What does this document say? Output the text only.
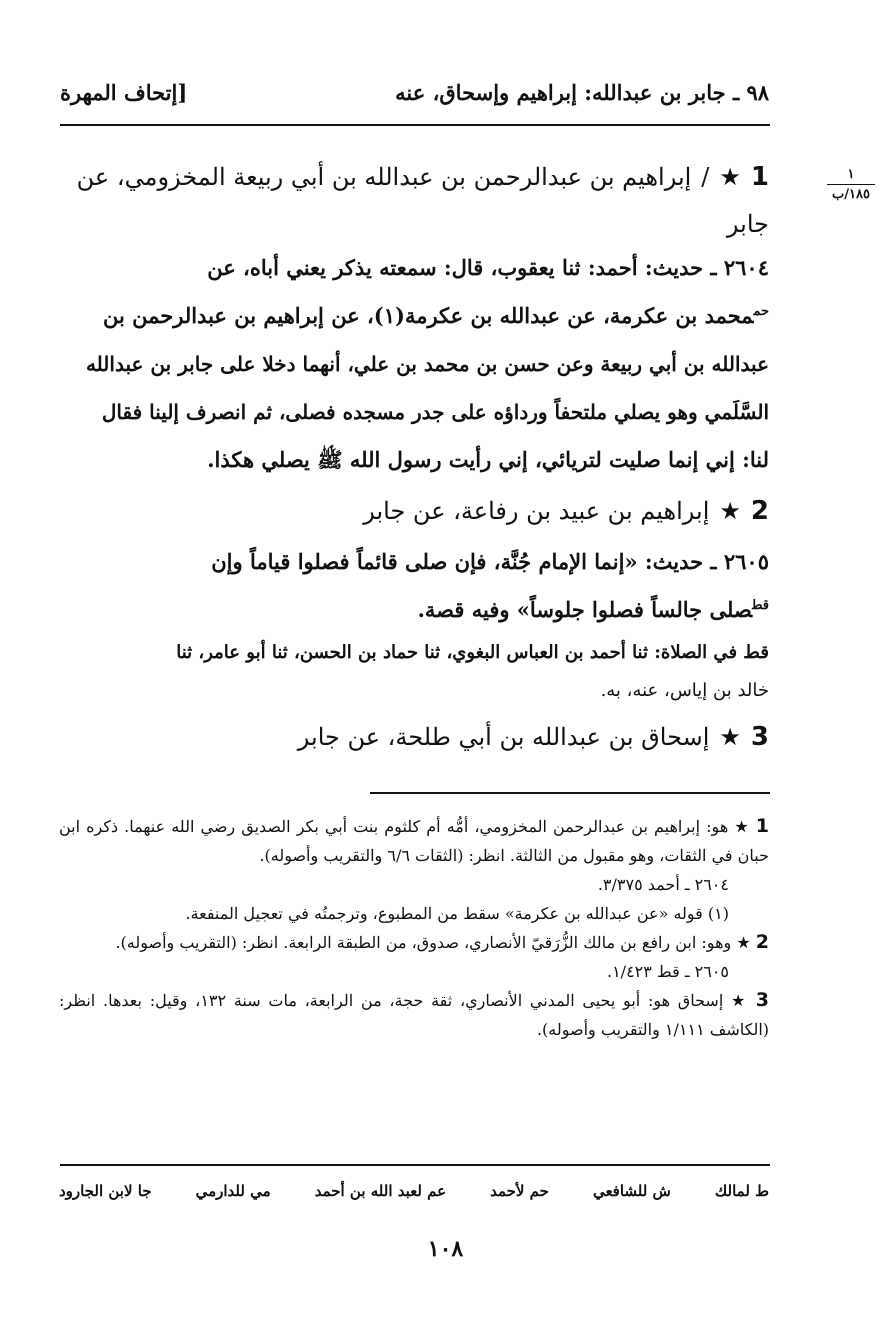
٩٨ ـ جابر بن عبدالله: إبراهيم وإسحاق، عنه
[إتحاف المهرة
١
١٨٥/ب
1
★
/
إبراهيم بن عبدالرحمن بن عبدالله بن أبي ربيعة المخزومي، عن
جابر
٢٦٠٤ ـ حديث: أحمد: ثنا يعقوب، قال: سمعته يذكر يعني أباه، عن
$^{حم}$محمد بن عكرمة، عن عبدالله بن عكرمة(١)، عن إبراهيم بن عبدالرحمن بن
عبدالله بن أبي ربيعة وعن حسن بن محمد بن علي، أنهما دخلا على جابر بن عبدالله
السَّلَمي وهو يصلي ملتحفاً ورداؤه على جدر مسجده فصلى، ثم انصرف إلينا فقال
لنا: إني إنما صليت لتريائي، إني رأيت رسول الله ﷺ يصلي هكذا.
2
★
إبراهيم بن عبيد بن رفاعة، عن جابر
٢٦٠٥ ـ حديث: «إنما الإمام جُنَّة، فإن صلى قائماً فصلوا قياماً وإن
$^{قط}$صلى جالساً فصلوا جلوساً» وفيه قصة.
قط في الصلاة: ثنا أحمد بن العباس البغوي، ثنا حماد بن الحسن، ثنا أبو عامر، ثنا
خالد بن إياس، عنه، به.
3
★
إسحاق بن عبدالله بن أبي طلحة، عن جابر

1 ★ هو: إبراهيم بن عبدالرحمن المخزومي، أمُّه أم كلثوم بنت أبي بكر الصديق رضي الله عنهما. ذكره ابن حبان في الثقات، وهو مقبول من الثالثة. انظر: (الثقات ٦/٦ والتقريب وأصوله).

٢٦٠٤ ـ أحمد ٣/٣٧٥.

(١) قوله «عن عبدالله بن عكرمة» سقط من المطبوع، وترجمتُه في تعجيل المنفعة.

2 ★ وهو: ابن رافع بن مالك الزُّرَقيّ الأنصاري، صدوق، من الطبقة الرابعة. انظر: (التقريب وأصوله).

٢٦٠٥ ـ قط ١/٤٢٣.

3 ★ إسحاق هو: أبو يحيى المدني الأنصاري، ثقة حجة، من الرابعة، مات سنة ١٣٢، وقيل: بعدها. انظر: (الكاشف ١/١١١ والتقريب وأصوله).

ط لمالك
ش للشافعي
حم لأحمد
عم لعبد الله بن أحمد
مي للدارمي
جا لابن الجارود
١٠٨
